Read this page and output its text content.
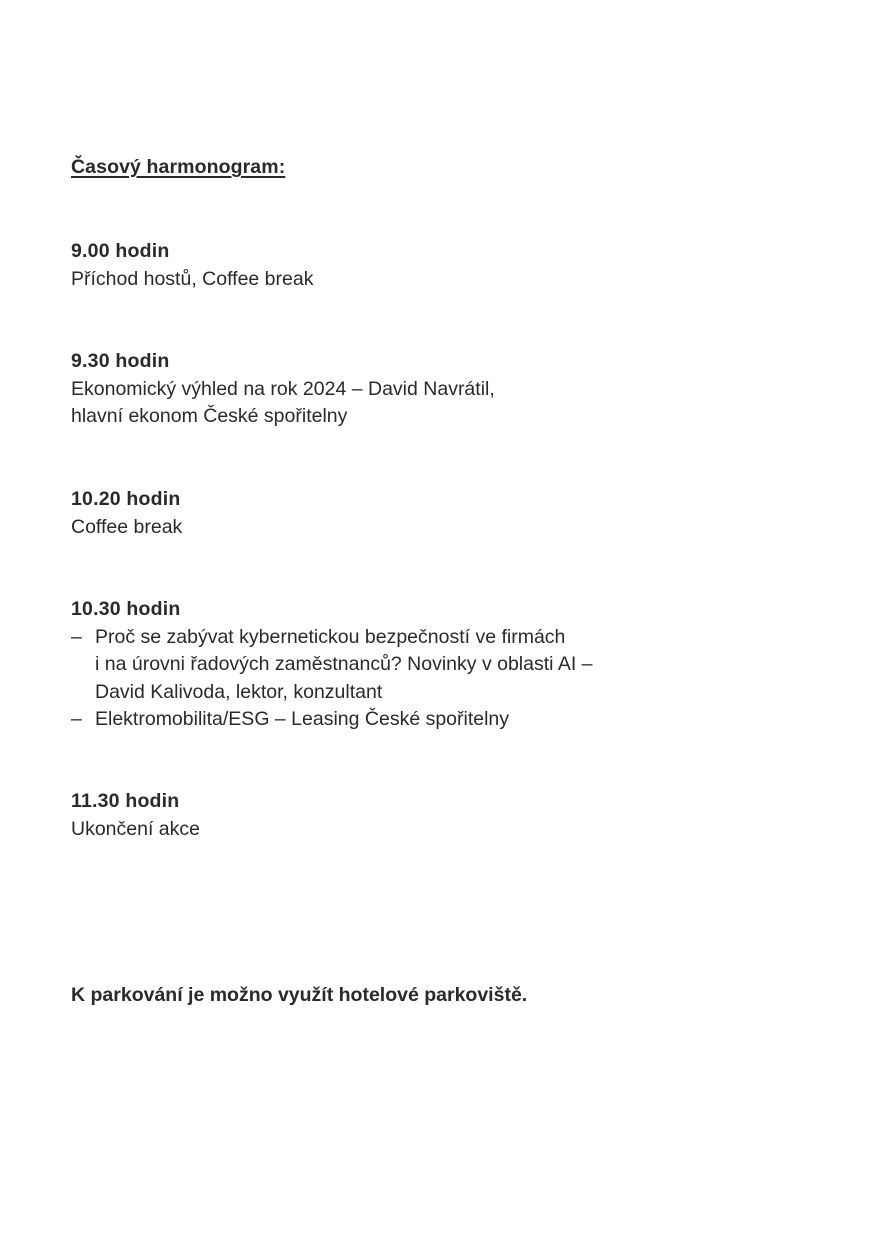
Časový harmonogram:
9.00 hodin
Příchod hostů, Coffee break
9.30 hodin
Ekonomický výhled na rok 2024 – David Navrátil,
hlavní ekonom České spořitelny
10.20 hodin
Coffee break
10.30 hodin
– Proč se zabývat kybernetickou bezpečností ve firmách
i na úrovni řadových zaměstnanců? Novinky v oblasti AI –
David Kalivoda, lektor, konzultant
– Elektromobilita/ESG – Leasing České spořitelny
11.30 hodin
Ukončení akce
K parkování je možno využít hotelové parkoviště.
